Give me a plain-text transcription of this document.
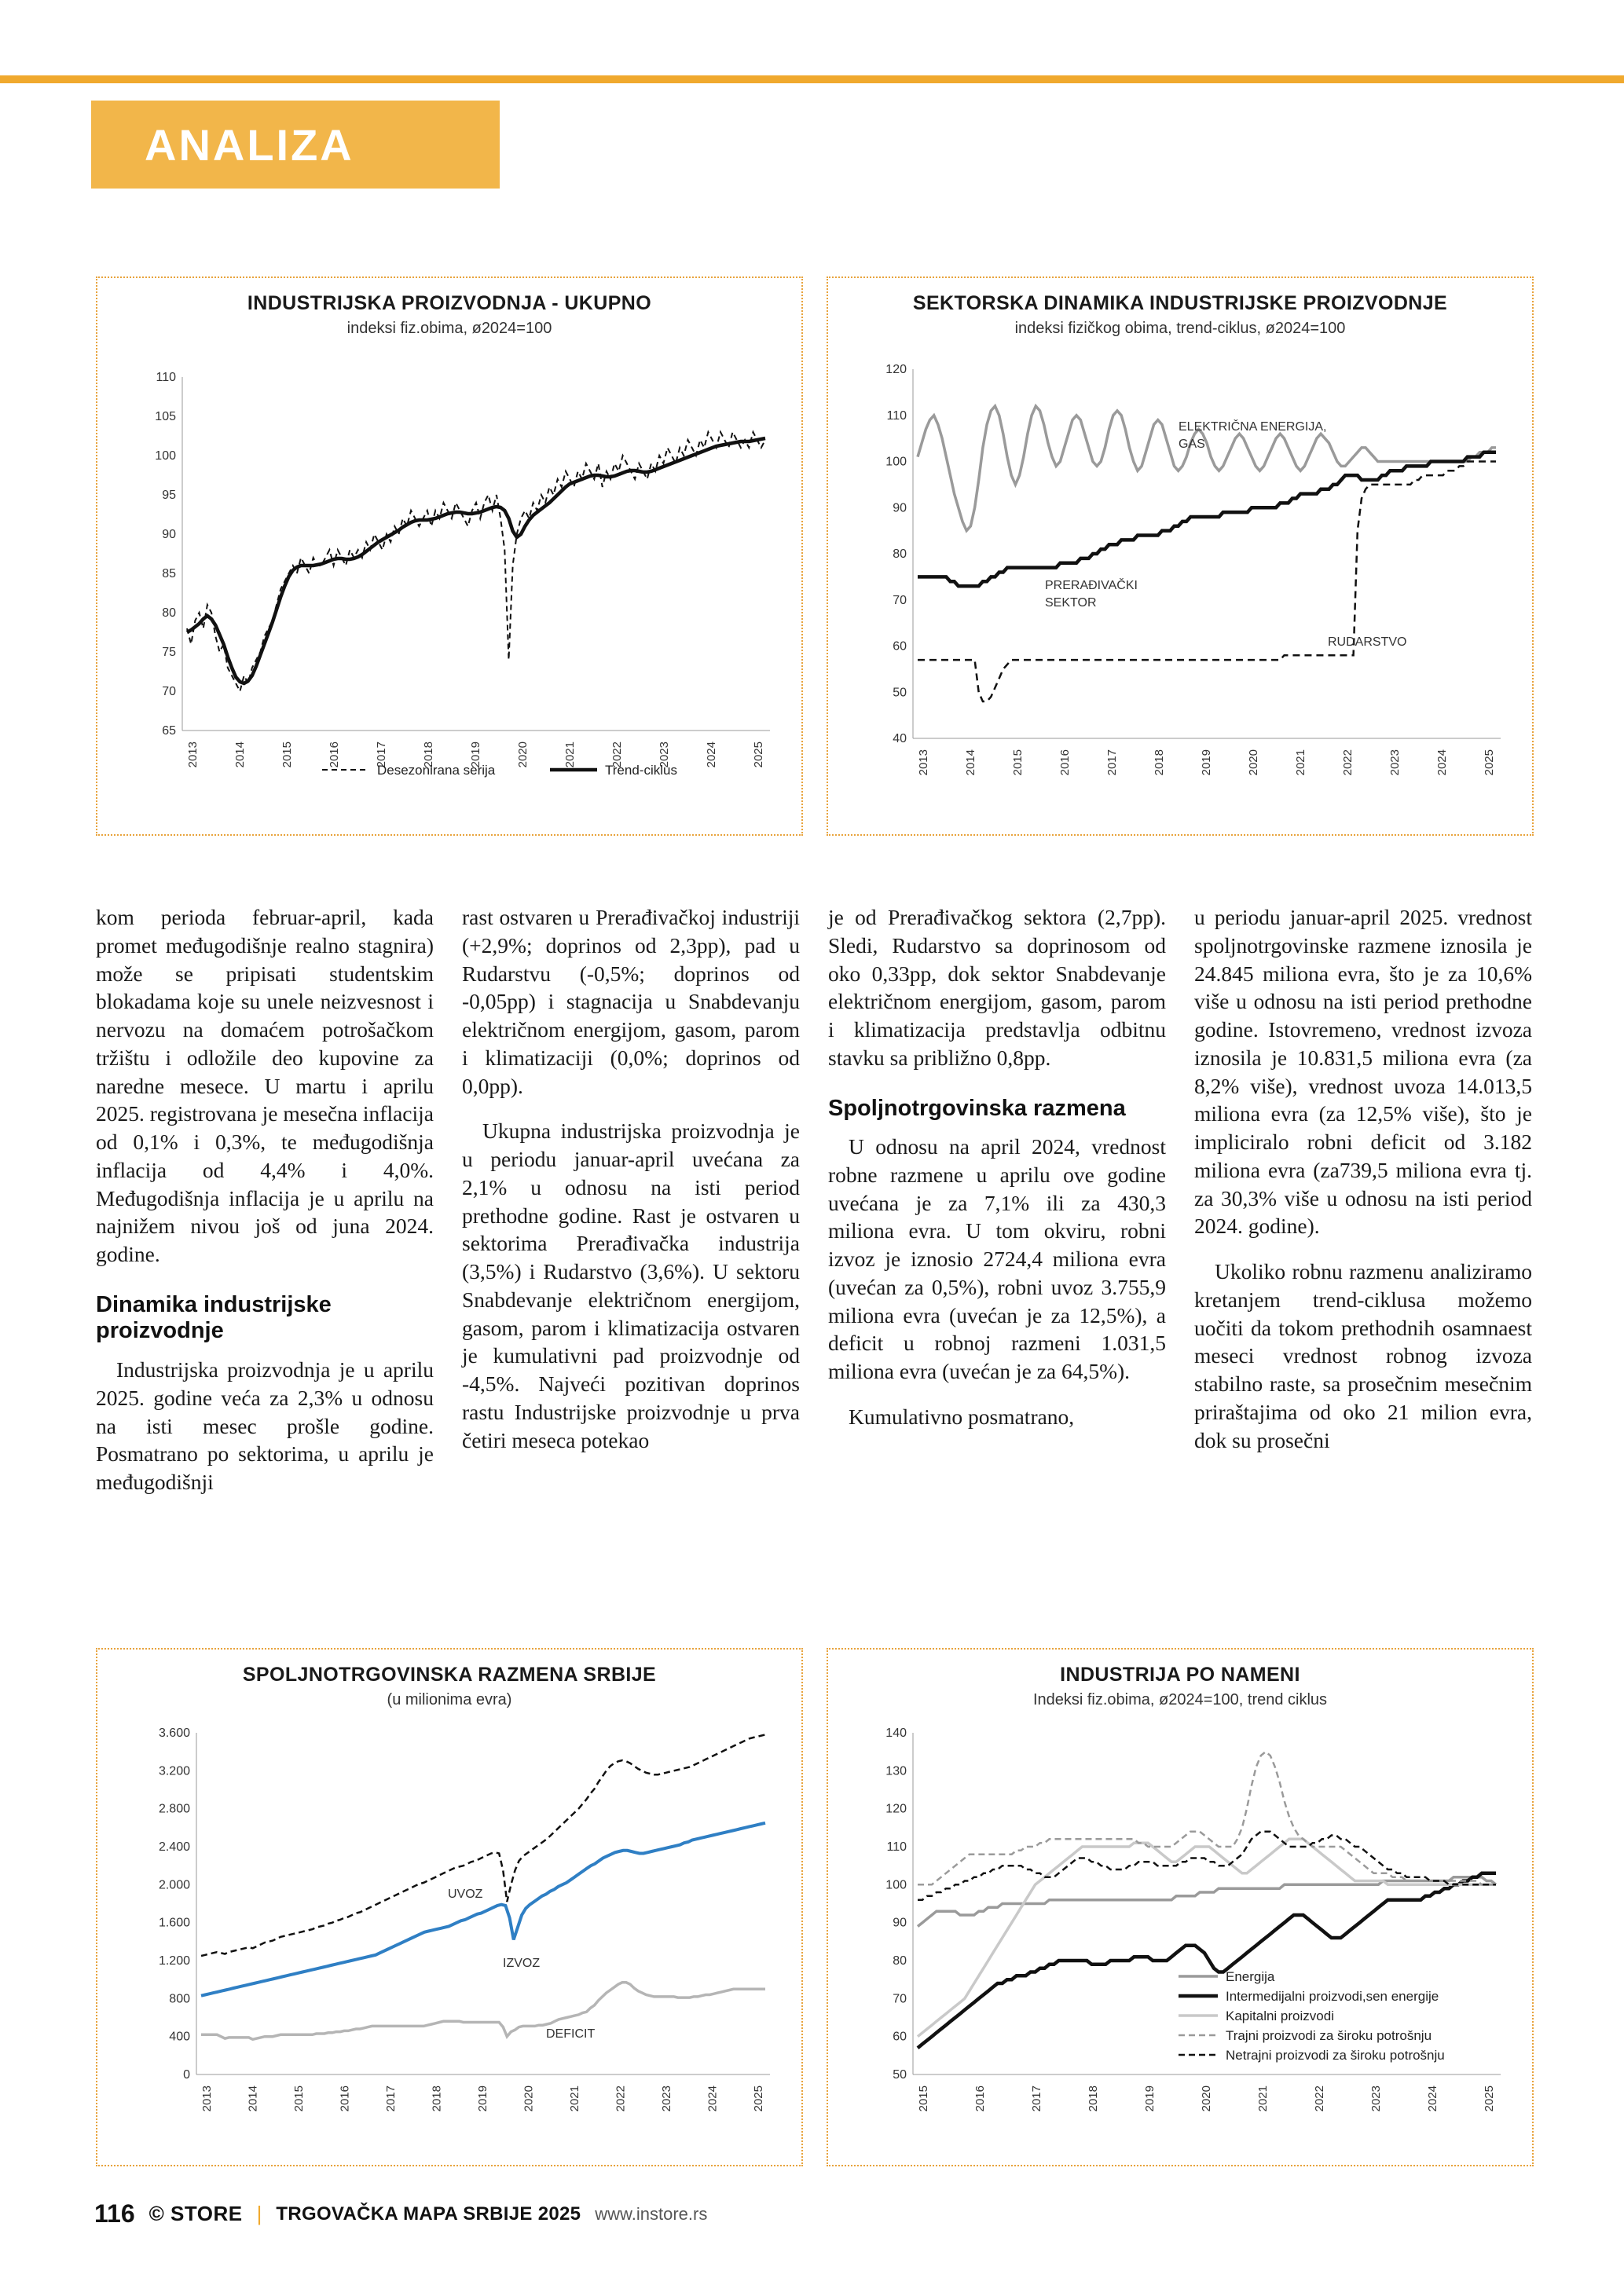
ANALIZA
INDUSTRIJSKA PROIZVODNJA - UKUPNO
indeksi fiz.obima, ø2024=100
65
70
75
80
85
90
95
100
105
110
2013	2014	2015	2016	2017	2018	2019	2020	2021	2022	2023	2024	2025
Desezonirana serija	Trend-ciklus
SEKTORSKA DINAMIKA INDUSTRIJSKE PROIZVODNJE
indeksi fizičkog obima, trend-ciklus, ø2024=100
40
50
60
70
80
90
100
110
120
2013	2014	2015	2016	2017	2018	2019	2020	2021	2022	2023	2024	2025
ELEKTRIČNA ENERGIJA,
GAS
PRERAĐIVAČKI
SEKTOR
RUDARSTVO

kom perioda februar-april, kada promet međugodišnje realno stagnira) može se pripisati studentskim blokadama koje su unele neizvesnost i nervozu na domaćem potrošačkom tržištu i odložile deo kupovine za naredne mesece. U martu i aprilu 2025. registrovana je mesečna inflacija od 0,1% i 0,3%, te međugodišnja inflacija od 4,4% i 4,0%. Međugodišnja inflacija je u aprilu na najnižem nivou još od juna 2024. godine.

Dinamika industrijske proizvodnje

Industrijska proizvodnja je u aprilu 2025. godine veća za 2,3% u odnosu na isti mesec prošle godine. Posmatrano po sektorima, u aprilu je međugodišnji

rast ostvaren u Prerađivačkoj industriji (+2,9%; doprinos od 2,3pp), pad u Rudarstvu (-0,5%; doprinos od -0,05pp) i stagnacija u Snabdevanju električnom energijom, gasom, parom i klimatizaciji (0,0%; doprinos od 0,0pp).

Ukupna industrijska proizvodnja je u periodu januar-april uvećana za 2,1% u odnosu na isti period prethodne godine. Rast je ostvaren u sektorima Prerađivačka industrija (3,5%) i Rudarstvo (3,6%). U sektoru Snabdevanje električnom energijom, gasom, parom i klimatizacija ostvaren je kumulativni pad proizvodnje od -4,5%. Najveći pozitivan doprinos rastu Industrijske proizvodnje u prva četiri meseca potekao

je od Prerađivačkog sektora (2,7pp). Sledi, Rudarstvo sa doprinosom od oko 0,33pp, dok sektor Snabdevanje električnom energijom, gasom, parom i klimatizacija predstavlja odbitnu stavku sa približno 0,8pp.

Spoljnotrgovinska razmena

U odnosu na april 2024, vrednost robne razmene u aprilu ove godine uvećana je za 7,1% ili za 430,3 miliona evra. U tom okviru, robni izvoz je iznosio 2724,4 miliona evra (uvećan za 0,5%), robni uvoz 3.755,9 miliona evra (uvećan je za 12,5%), a deficit u robnoj razmeni 1.031,5 miliona evra (uvećan je za 64,5%).

Kumulativno posmatrano,

u periodu januar-april 2025. vrednost spoljnotrgovinske razmene iznosila je 24.845 miliona evra, što je za 10,6% više u odnosu na isti period prethodne godine. Istovremeno, vrednost izvoza iznosila je 10.831,5 miliona evra (za 8,2% više), vrednost uvoza 14.013,5 miliona evra (za 12,5% više), što je impliciralo robni deficit od 3.182 miliona evra (za739,5 miliona evra tj. za 30,3% više u odnosu na isti period 2024. godine).

Ukoliko robnu razmenu analiziramo kretanjem trend-ciklusa možemo uočiti da tokom prethodnih osamnaest meseci vrednost robnog izvoza stabilno raste, sa prosečnim mesečnim priraštajima od oko 21 milion evra, dok su prosečni

SPOLJNOTRGOVINSKA RAZMENA SRBIJE
(u milionima evra)
0
400
800
1.200
1.600
2.000
2.400
2.800
3.200
3.600
2013	2014	2015	2016	2017	2018	2019	2020	2021	2022	2023	2024	2025
UVOZ
IZVOZ
DEFICIT
INDUSTRIJA PO NAMENI
Indeksi fiz.obima, ø2024=100, trend ciklus
50
60
70
80
90
100
110
120
130
140
2015	2016	2017	2018	2019	2020	2021	2022	2023	2024	2025
Energija
Intermedijalni proizvodi,sen energije
Kapitalni proizvodi
Trajni proizvodi za široku potrošnju
Netrajni proizvodi za široku potrošnju
116 © STORE | TRGOVAČKA MAPA SRBIJE 2025 www.instore.rs
